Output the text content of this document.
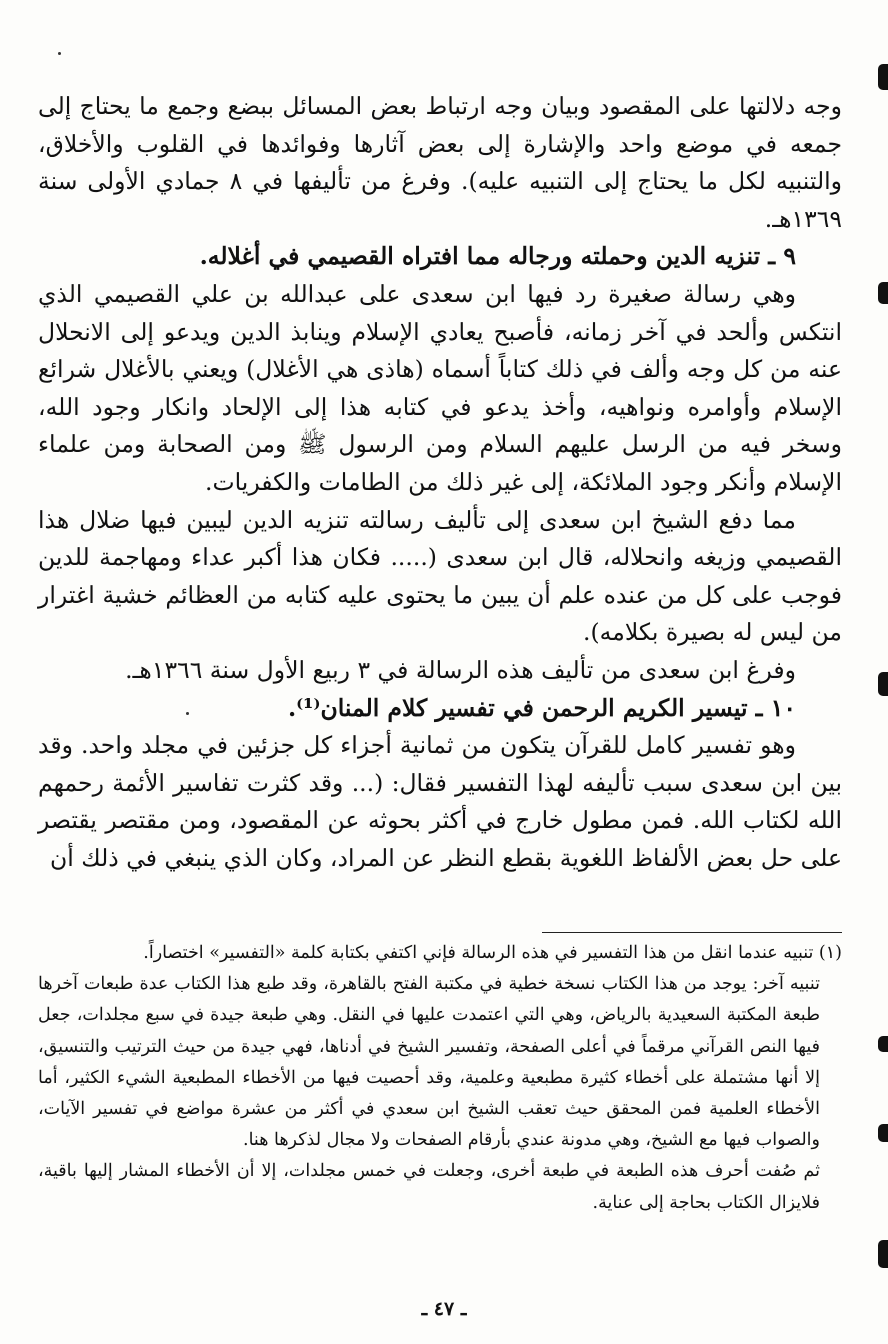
وجه دلالتها على المقصود وبيان وجه ارتباط بعض المسائل ببضع وجمع ما يحتاج إلى جمعه في موضع واحد والإشارة إلى بعض آثارها وفوائدها في القلوب والأخلاق، والتنبيه لكل ما يحتاج إلى التنبيه عليه). وفرغ من تأليفها في ٨ جمادي الأولى سنة ١٣٦٩هـ.

٩ ـ تنزيه الدين وحملته ورجاله مما افتراه القصيمي في أغلاله.

وهي رسالة صغيرة رد فيها ابن سعدى على عبدالله بن علي القصيمي الذي انتكس وألحد في آخر زمانه، فأصبح يعادي الإسلام وينابذ الدين ويدعو إلى الانحلال عنه من كل وجه وألف في ذلك كتاباً أسماه (هاذى هي الأغلال) ويعني بالأغلال شرائع الإسلام وأوامره ونواهيه، وأخذ يدعو في كتابه هذا إلى الإلحاد وانكار وجود الله، وسخر فيه من الرسل عليهم السلام ومن الرسول ﷺ ومن الصحابة ومن علماء الإسلام وأنكر وجود الملائكة، إلى غير ذلك من الطامات والكفريات.

مما دفع الشيخ ابن سعدى إلى تأليف رسالته تنزيه الدين ليبين فيها ضلال هذا القصيمي وزيغه وانحلاله، قال ابن سعدى (..... فكان هذا أكبر عداء ومهاجمة للدين فوجب على كل من عنده علم أن يبين ما يحتوى عليه كتابه من العظائم خشية اغترار من ليس له بصيرة بكلامه).

وفرغ ابن سعدى من تأليف هذه الرسالة في ٣ ربيع الأول سنة ١٣٦٦هـ.

١٠ ـ تيسير الكريم الرحمن في تفسير كلام المنان⁽¹⁾.

وهو تفسير كامل للقرآن يتكون من ثمانية أجزاء كل جزئين في مجلد واحد. وقد بين ابن سعدى سبب تأليفه لهذا التفسير فقال: (... وقد كثرت تفاسير الأئمة رحمهم الله لكتاب الله. فمن مطول خارج في أكثر بحوثه عن المقصود، ومن مقتصر يقتصر على حل بعض الألفاظ اللغوية بقطع النظر عن المراد، وكان الذي ينبغي في ذلك أن

(١) تنبيه عندما انقل من هذا التفسير في هذه الرسالة فإني اكتفي بكتابة كلمة «التفسير» اختصاراً.

تنبيه آخر: يوجد من هذا الكتاب نسخة خطية في مكتبة الفتح بالقاهرة، وقد طبع هذا الكتاب عدة طبعات آخرها طبعة المكتبة السعيدية بالرياض، وهي التي اعتمدت عليها في النقل. وهي طبعة جيدة في سبع مجلدات، جعل فيها النص القرآني مرقماً في أعلى الصفحة، وتفسير الشيخ في أدناها، فهي جيدة من حيث الترتيب والتنسيق، إلا أنها مشتملة على أخطاء كثيرة مطبعية وعلمية، وقد أحصيت فيها من الأخطاء المطبعية الشيء الكثير، أما الأخطاء العلمية فمن المحقق حيث تعقب الشيخ ابن سعدي في أكثر من عشرة مواضع في تفسير الآيات، والصواب فيها مع الشيخ، وهي مدونة عندي بأرقام الصفحات ولا مجال لذكرها هنا.

ثم صُفت أحرف هذه الطبعة في طبعة أخرى، وجعلت في خمس مجلدات، إلا أن الأخطاء المشار إليها باقية، فلايزال الكتاب بحاجة إلى عناية.

ـ ٤٧ ـ
